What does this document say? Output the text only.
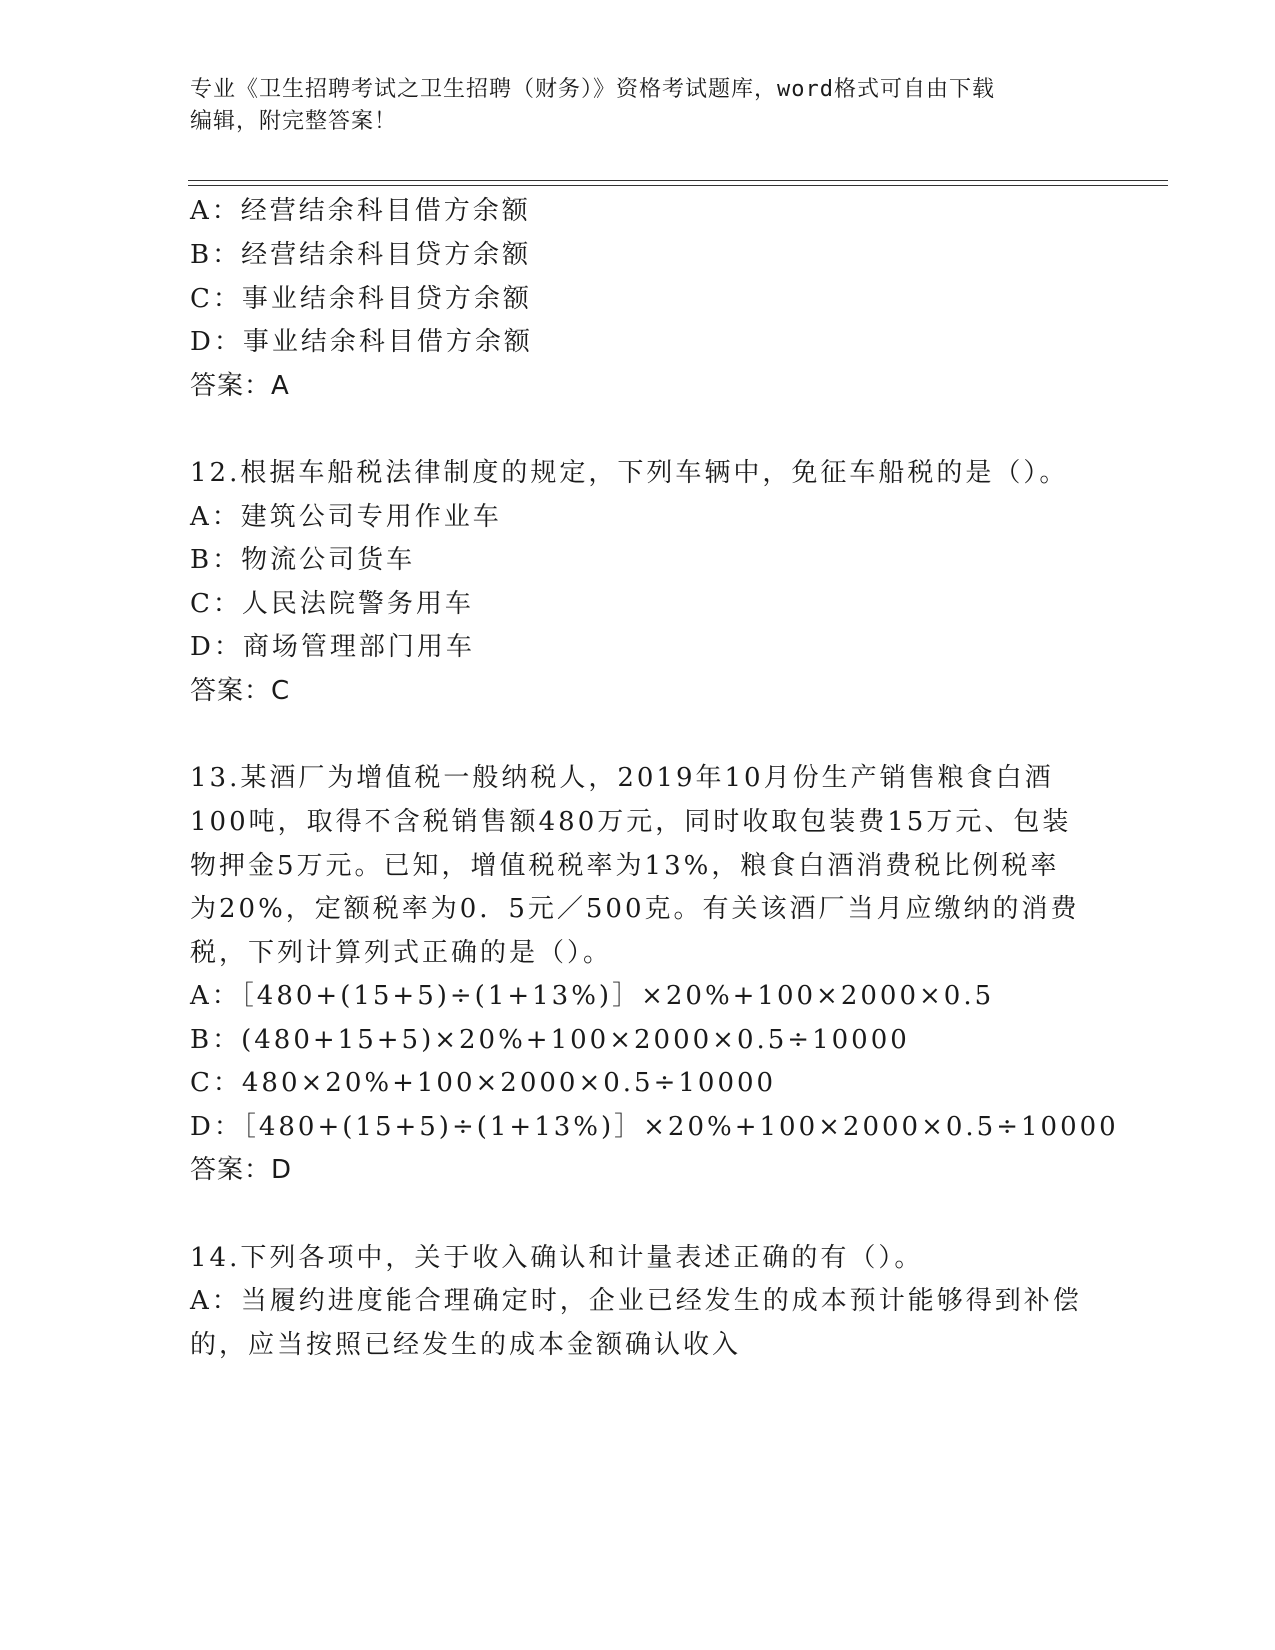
专业《卫生招聘考试之卫生招聘（财务）》资格考试题库，word格式可自由下载
编辑，附完整答案！
A：经营结余科目借方余额
B：经营结余科目贷方余额
C：事业结余科目贷方余额
D：事业结余科目借方余额
答案：A
12.根据车船税法律制度的规定，下列车辆中，免征车船税的是（）。
A：建筑公司专用作业车
B：物流公司货车
C：人民法院警务用车
D：商场管理部门用车
答案：C
13.某酒厂为增值税一般纳税人，2019年10月份生产销售粮食白酒
100吨，取得不含税销售额480万元，同时收取包装费15万元、包装
物押金5万元。已知，增值税税率为13%，粮食白酒消费税比例税率
为20%，定额税率为0．5元／500克。有关该酒厂当月应缴纳的消费
税，下列计算列式正确的是（）。
A：［480+(15+5)÷(1+13%)］×20%+100×2000×0.5
B：(480+15+5)×20%+100×2000×0.5÷10000
C：480×20%+100×2000×0.5÷10000
D：［480+(15+5)÷(1+13%)］×20%+100×2000×0.5÷10000
答案：D
14.下列各项中，关于收入确认和计量表述正确的有（）。
A：当履约进度能合理确定时，企业已经发生的成本预计能够得到补偿
的，应当按照已经发生的成本金额确认收入
